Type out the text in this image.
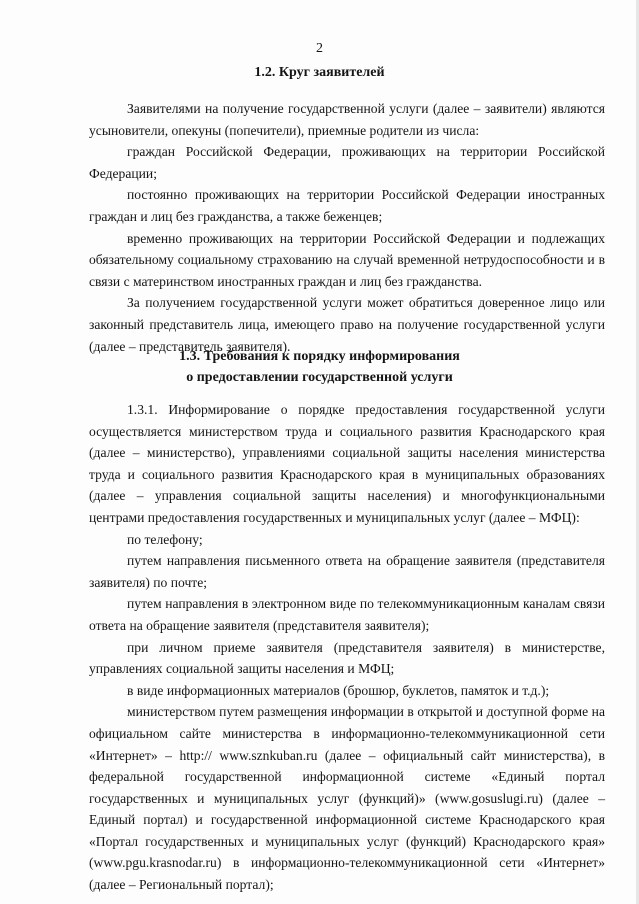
2
1.2. Круг заявителей

Заявителями на получение государственной услуги (далее – заявители) являются усыновители, опекуны (попечители), приемные родители из числа:

граждан Российской Федерации, проживающих на территории Российской Федерации;

постоянно проживающих на территории Российской Федерации иностранных граждан и лиц без гражданства, а также беженцев;

временно проживающих на территории Российской Федерации и подлежащих обязательному социальному страхованию на случай временной нетрудоспособности и в связи с материнством иностранных граждан и лиц без гражданства.

За получением государственной услуги может обратиться доверенное лицо или законный представитель лица, имеющего право на получение государственной услуги (далее – представитель заявителя).

1.3. Требования к порядку информирования
о предоставлении государственной услуги

1.3.1. Информирование о порядке предоставления государственной услуги осуществляется министерством труда и социального развития Краснодарского края (далее – министерство), управлениями социальной защиты населения министерства труда и социального развития Краснодарского края в муниципальных образованиях (далее – управления социальной защиты населения) и многофункциональными центрами предоставления государственных и муниципальных услуг (далее – МФЦ):

по телефону;

путем направления письменного ответа на обращение заявителя (представителя заявителя) по почте;

путем направления в электронном виде по телекоммуникационным каналам связи ответа на обращение заявителя (представителя заявителя);

при личном приеме заявителя (представителя заявителя) в министерстве, управлениях социальной защиты населения и МФЦ;

в виде информационных материалов (брошюр, буклетов, памяток и т.д.);

министерством путем размещения информации в открытой и доступной форме на официальном сайте министерства в информационно-телекоммуникационной сети «Интернет» – http:// www.sznkuban.ru (далее – официальный сайт министерства), в федеральной государственной информационной системе «Единый портал государственных и муниципальных услуг (функций)» (www.gosuslugi.ru) (далее – Единый портал) и государственной информационной системе Краснодарского края «Портал государственных и муниципальных услуг (функций) Краснодарского края» (www.pgu.krasnodar.ru) в информационно-телекоммуникационной сети «Интернет» (далее – Региональный портал);
